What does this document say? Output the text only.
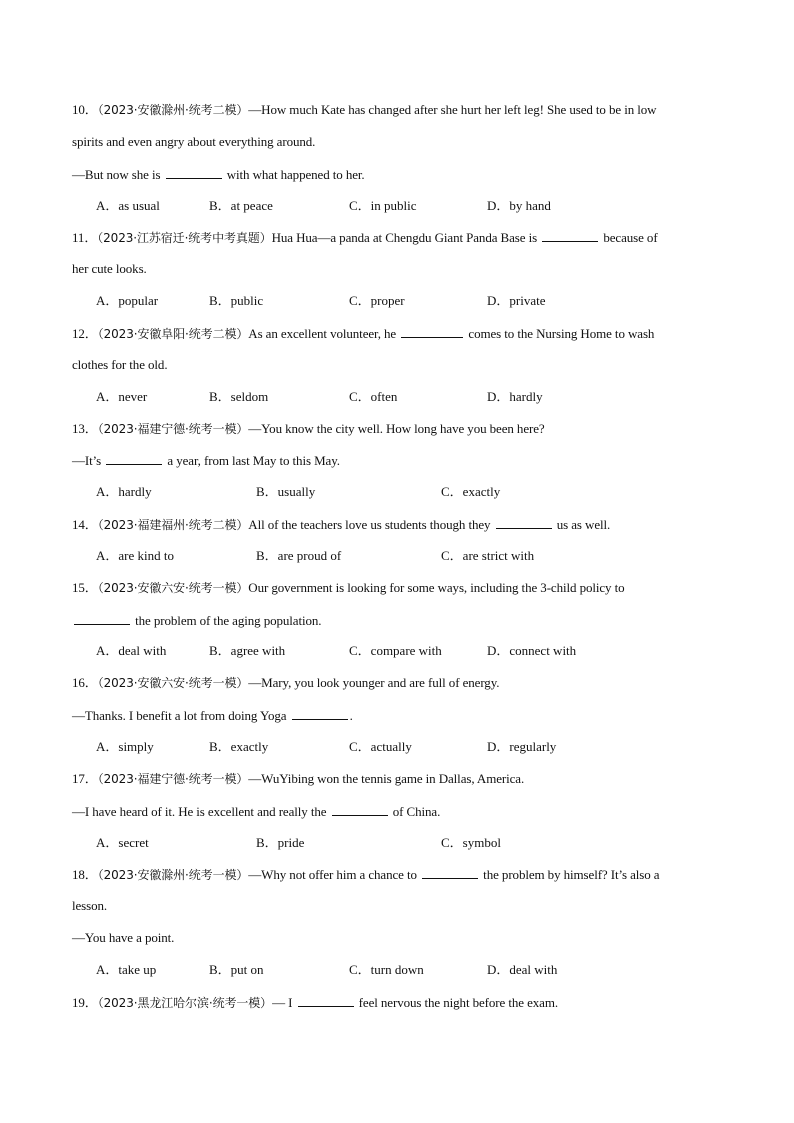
10．（2023·安徽滁州·统考二模）—How much Kate has changed after she hurt her left leg! She used to be in low
spirits and even angry about everything around.
—But now she is	with what happened to her.
A．as usual	B．at peace	C．in public	D．by hand
11．（2023·江苏宿迁·统考中考真题）Hua Hua—a panda at Chengdu Giant Panda Base is	because of
her cute looks.
A．popular	B．public	C．proper	D．private
12．（2023·安徽阜阳·统考二模）As an excellent volunteer, he	comes to the Nursing Home to wash
clothes for the old.
A．never	B．seldom	C．often	D．hardly
13．（2023·福建宁德·统考一模）—You know the city well. How long have you been here?
—It’s	a year, from last May to this May.
A．hardly	B．usually	C．exactly
14．（2023·福建福州·统考二模）All of the teachers love us students though they	us as well.
A．are kind to	B．are proud of	C．are strict with
15．（2023·安徽六安·统考一模）Our government is looking for some ways, including the 3-child policy to
the problem of the aging population.
A．deal with	B．agree with	C．compare with	D．connect with
16．（2023·安徽六安·统考一模）—Mary, you look younger and are full of energy.
—Thanks. I benefit a lot from doing Yoga	.
A．simply	B．exactly	C．actually	D．regularly
17．（2023·福建宁德·统考一模）—WuYibing won the tennis game in Dallas, America.
—I have heard of it. He is excellent and really the	of China.
A．secret	B．pride	C．symbol
18．（2023·安徽滁州·统考一模）—Why not offer him a chance to	the problem by himself? It’s also a
lesson.
—You have a point.
A．take up	B．put on	C．turn down	D．deal with
19．（2023·黑龙江哈尔滨·统考一模）— I	feel nervous the night before the exam.
